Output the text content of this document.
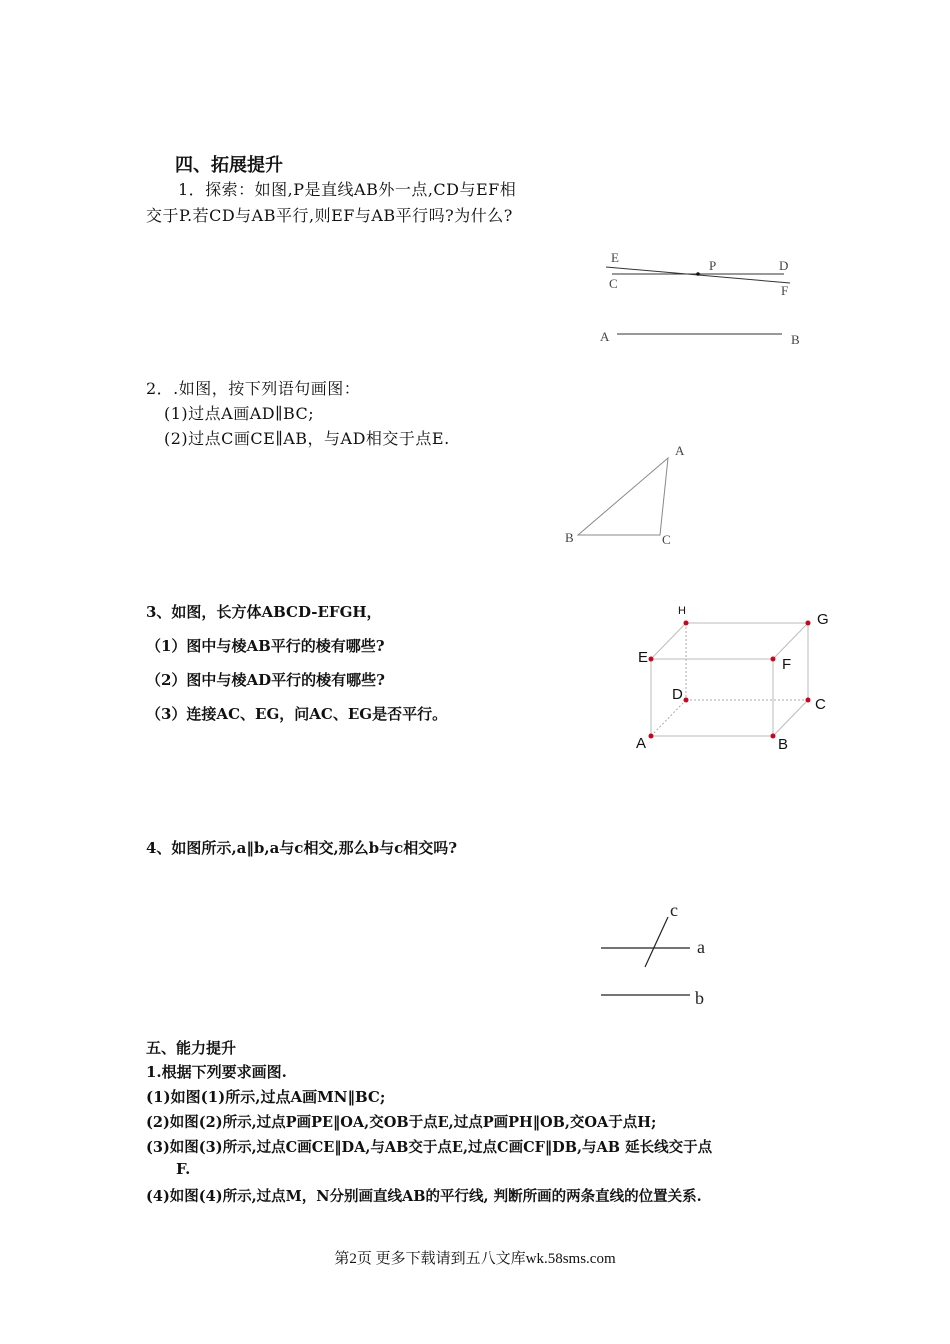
四、拓展提升
1．探索：如图,P是直线AB外一点,CD与EF相
交于P.若CD与AB平行,则EF与AB平行吗?为什么?
E
P	D
C	F
A	B
2．.如图，按下列语句画图：
(1)过点A画AD∥BC;
(2)过点C画CE∥AB，与AD相交于点E.
A
B	C
3、如图，长方体ABCD-EFGH，
（1）图中与棱AB平行的棱有哪些?
（2）图中与棱AD平行的棱有哪些?
（3）连接AC、EG，问AC、EG是否平行。
H	G
E	F
D
C
A	B
4、如图所示,a‖b,a与c相交,那么b与c相交吗?
c
a
b
五、能力提升
1.根据下列要求画图.
(1)如图(1)所示,过点A画MN‖BC;
(2)如图(2)所示,过点P画PE‖OA,交OB于点E,过点P画PH‖OB,交OA于点H;
(3)如图(3)所示,过点C画CE‖DA,与AB交于点E,过点C画CF‖DB,与AB 延长线交于点
F.
(4)如图(4)所示,过点M，N分别画直线AB的平行线, 判断所画的两条直线的位置关系.
第2页 更多下载请到五八文库wk.58sms.com
